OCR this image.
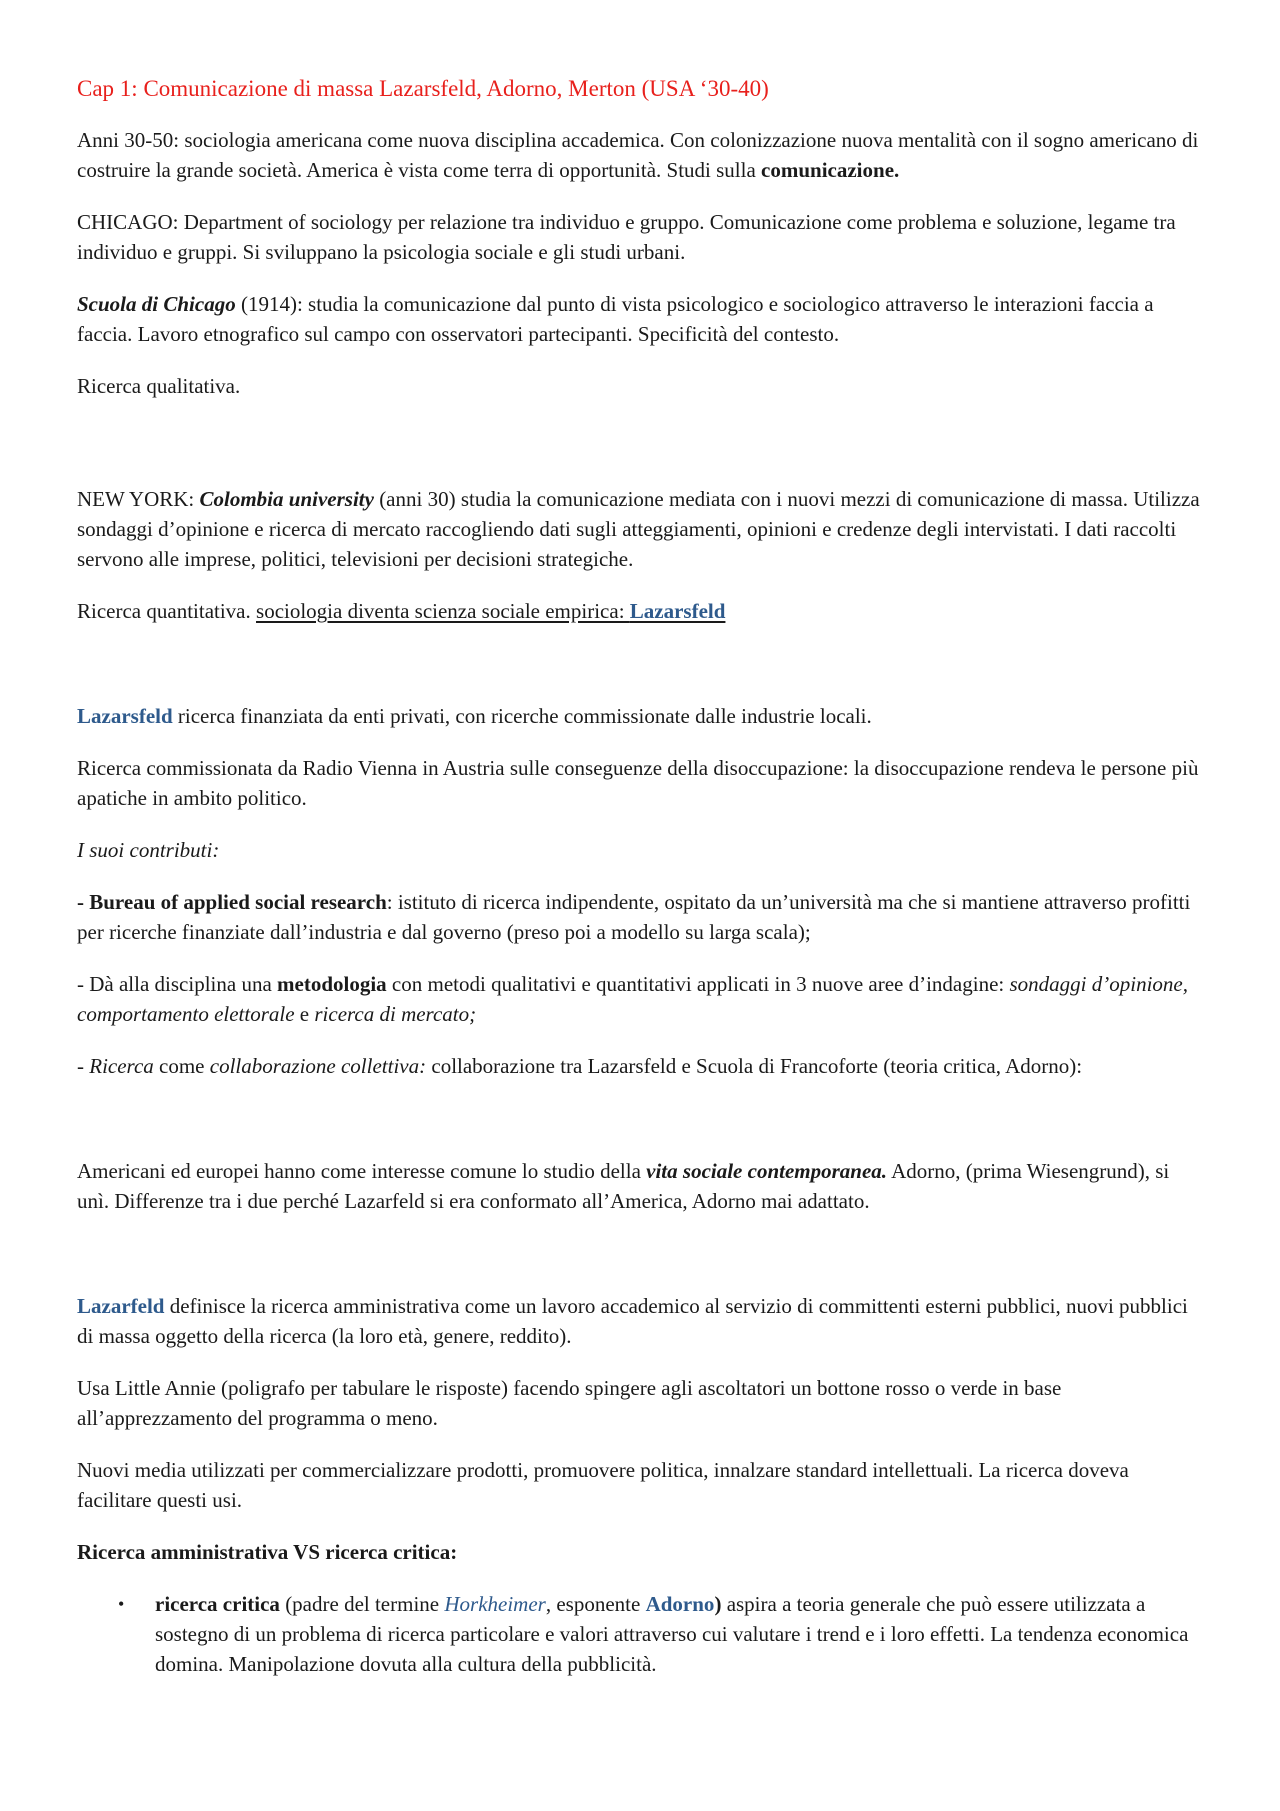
Cap 1: Comunicazione di massa Lazarsfeld, Adorno, Merton (USA ‘30-40)

Anni 30-50: sociologia americana come nuova disciplina accademica. Con colonizzazione nuova mentalità con il sogno americano di costruire la grande società. America è vista come terra di opportunità. Studi sulla comunicazione.

CHICAGO: Department of sociology per relazione tra individuo e gruppo. Comunicazione come problema e soluzione, legame tra individuo e gruppi. Si sviluppano la psicologia sociale e gli studi urbani.

Scuola di Chicago (1914): studia la comunicazione dal punto di vista psicologico e sociologico attraverso le interazioni faccia a faccia. Lavoro etnografico sul campo con osservatori partecipanti. Specificità del contesto.

Ricerca qualitativa.

NEW YORK: Colombia university (anni 30) studia la comunicazione mediata con i nuovi mezzi di comunicazione di massa. Utilizza sondaggi d’opinione e ricerca di mercato raccogliendo dati sugli atteggiamenti, opinioni e credenze degli intervistati. I dati raccolti servono alle imprese, politici, televisioni per decisioni strategiche.

Ricerca quantitativa. sociologia diventa scienza sociale empirica: Lazarsfeld

Lazarsfeld ricerca finanziata da enti privati, con ricerche commissionate dalle industrie locali.

Ricerca commissionata da Radio Vienna in Austria sulle conseguenze della disoccupazione: la disoccupazione rendeva le persone più apatiche in ambito politico.

I suoi contributi:

- Bureau of applied social research: istituto di ricerca indipendente, ospitato da un’università ma che si mantiene attraverso profitti per ricerche finanziate dall’industria e dal governo (preso poi a modello su larga scala);

- Dà alla disciplina una metodologia con metodi qualitativi e quantitativi applicati in 3 nuove aree d’indagine: sondaggi d’opinione, comportamento elettorale e ricerca di mercato;

- Ricerca come collaborazione collettiva: collaborazione tra Lazarsfeld e Scuola di Francoforte (teoria critica, Adorno):

Americani ed europei hanno come interesse comune lo studio della vita sociale contemporanea. Adorno, (prima Wiesengrund), si unì. Differenze tra i due perché Lazarfeld si era conformato all’America, Adorno mai adattato.

Lazarfeld definisce la ricerca amministrativa come un lavoro accademico al servizio di committenti esterni pubblici, nuovi pubblici di massa oggetto della ricerca (la loro età, genere, reddito).

Usa Little Annie (poligrafo per tabulare le risposte) facendo spingere agli ascoltatori un bottone rosso o verde in base all’apprezzamento del programma o meno.

Nuovi media utilizzati per commercializzare prodotti, promuovere politica, innalzare standard intellettuali. La ricerca doveva facilitare questi usi.

Ricerca amministrativa VS ricerca critica:

• ricerca critica (padre del termine Horkheimer, esponente Adorno) aspira a teoria generale che può essere utilizzata a sostegno di un problema di ricerca particolare e valori attraverso cui valutare i trend e i loro effetti. La tendenza economica domina. Manipolazione dovuta alla cultura della pubblicità.
